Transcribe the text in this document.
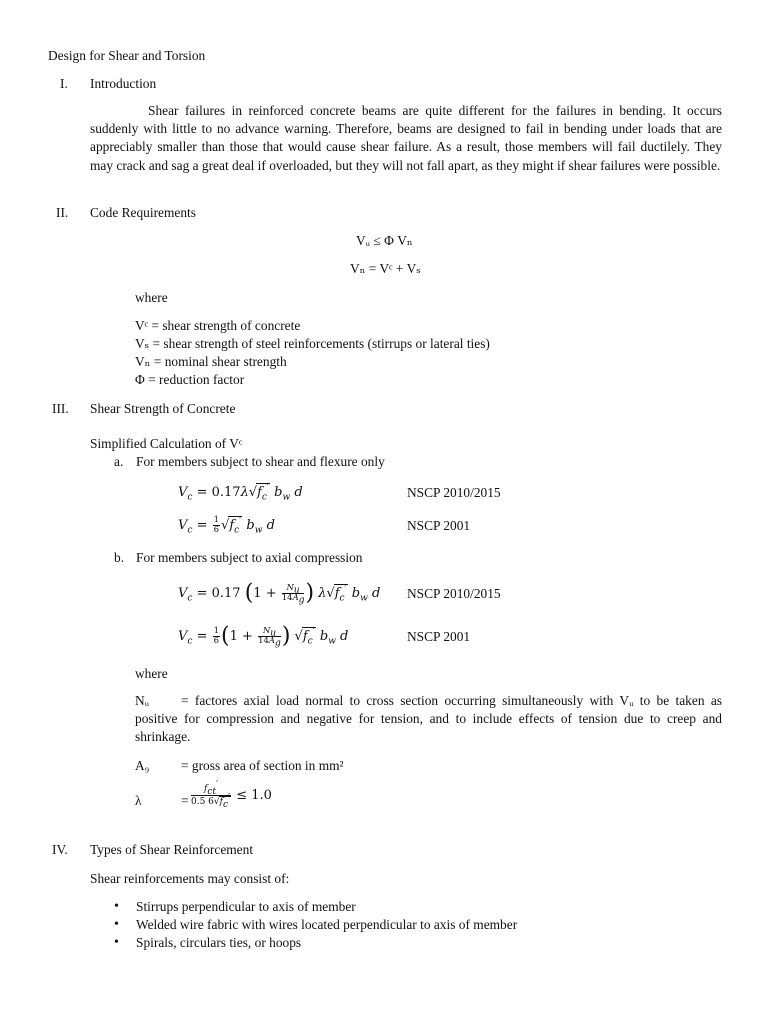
Design for Shear and Torsion
I. Introduction
Shear failures in reinforced concrete beams are quite different for the failures in bending. It occurs suddenly with little to no advance warning. Therefore, beams are designed to fail in bending under loads that are appreciably smaller than those that would cause shear failure. As a result, those members will fail ductilely. They may crack and sag a great deal if overloaded, but they will not fall apart, as they might if shear failures were possible.
II. Code Requirements
Vᵤ ≤ Φ Vₙ
Vₙ = Vᶜ + Vₛ
where
Vᶜ = shear strength of concrete
Vₛ = shear strength of steel reinforcements (stirrups or lateral ties)
Vₙ = nominal shear strength
Φ = reduction factor
III. Shear Strength of Concrete
Simplified Calculation of Vᶜ
a. For members subject to shear and flexure only
$V_c = 0.17\lambda√f_c'$ $b_w$ d	NSCP 2010/2015
$V_c = \frac{1}{6} √f_c'$ $b_w$ d	NSCP 2001
b. For members subject to axial compression
$V_c = 0.17$ ($1 + \frac{N_u}{14A_g}$ ) $\lambda√f_c'$ $b_w$ d NSCP 2010/2015
$V_c = \frac{1}{6} (1 + \frac{N_u}{14A_g}$ ) $√f_c'$ $b_w$ d	NSCP 2001
where
Nᵤ	= factores axial load normal to cross section occurring simultaneously with Vᵤ to be taken as positive for compression and negative for tension, and to include effects of tension due to creep and shrinkage.
A₉ = gross area of section in mm²
λ	= $\frac{f_{ct}'}{0.5 6√f_c'} \le 1.0$
IV. Types of Shear Reinforcement
Shear reinforcements may consist of:
• Stirrups perpendicular to axis of member
• Welded wire fabric with wires located perpendicular to axis of member
• Spirals, circulars ties, or hoops
